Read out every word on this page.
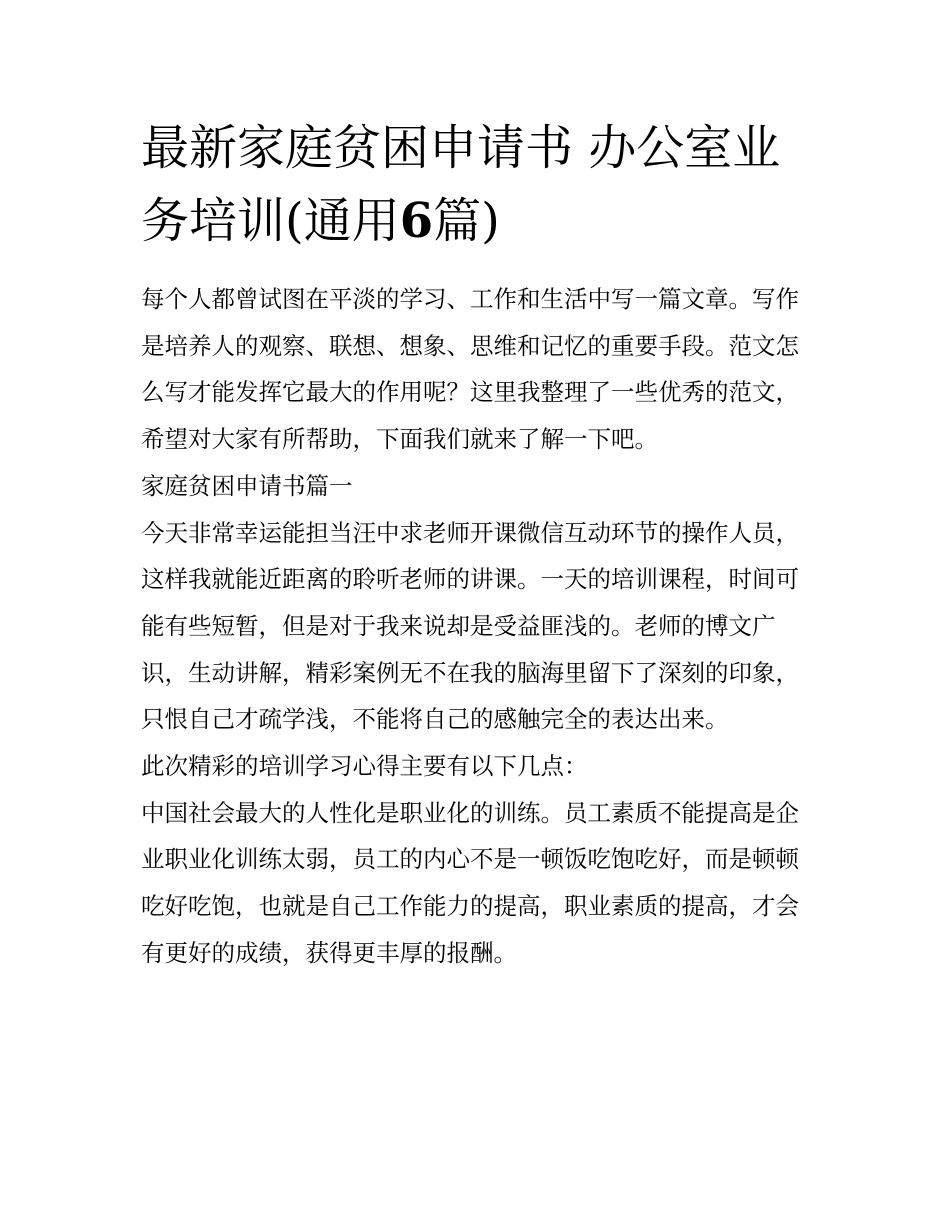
最新家庭贫困申请书 办公室业务培训(通用6篇)

每个人都曾试图在平淡的学习、工作和生活中写一篇文章。写作是培养人的观察、联想、想象、思维和记忆的重要手段。范文怎么写才能发挥它最大的作用呢？这里我整理了一些优秀的范文，希望对大家有所帮助，下面我们就来了解一下吧。

家庭贫困申请书篇一

今天非常幸运能担当汪中求老师开课微信互动环节的操作人员，这样我就能近距离的聆听老师的讲课。一天的培训课程，时间可能有些短暂，但是对于我来说却是受益匪浅的。老师的博文广识，生动讲解，精彩案例无不在我的脑海里留下了深刻的印象，只恨自己才疏学浅，不能将自己的感触完全的表达出来。

此次精彩的培训学习心得主要有以下几点：

中国社会最大的人性化是职业化的训练。员工素质不能提高是企业职业化训练太弱，员工的内心不是一顿饭吃饱吃好，而是顿顿吃好吃饱，也就是自己工作能力的提高，职业素质的提高，才会有更好的成绩，获得更丰厚的报酬。
